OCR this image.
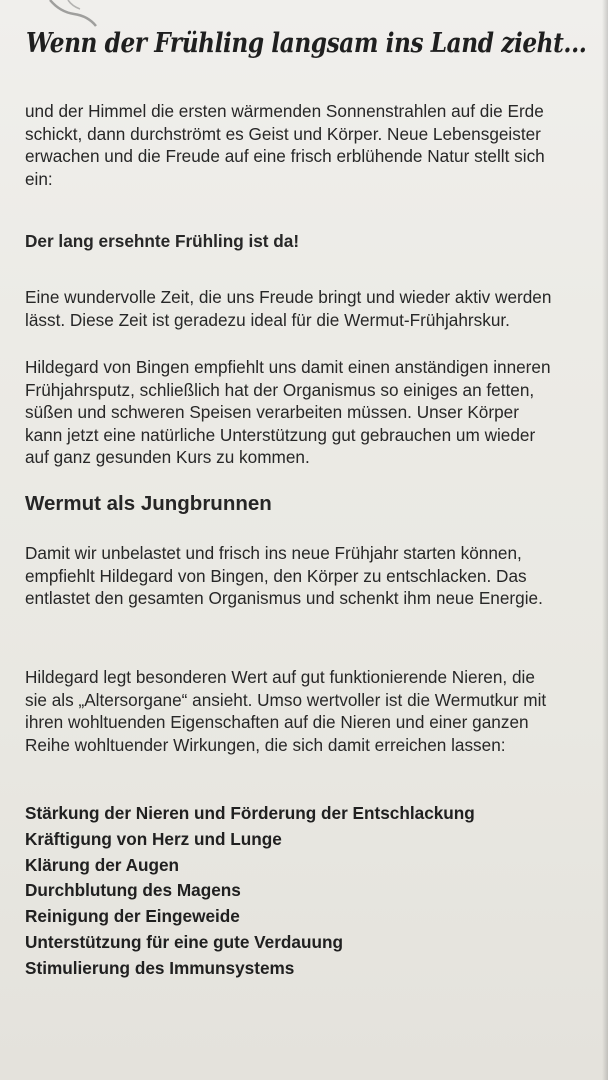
Wenn der Frühling langsam ins Land zieht...

und der Himmel die ersten wärmenden Sonnenstrahlen auf die Erde schickt, dann durchströmt es Geist und Körper. Neue Lebensgeister erwachen und die Freude auf eine frisch erblühende Natur stellt sich ein:

Der lang ersehnte Frühling ist da!

Eine wundervolle Zeit, die uns Freude bringt und wieder aktiv werden lässt. Diese Zeit ist geradezu ideal für die Wermut-Frühjahrskur.

Hildegard von Bingen empfiehlt uns damit einen anständigen inneren Frühjahrsputz, schließlich hat der Organismus so einiges an fetten, süßen und schweren Speisen verarbeiten müssen. Unser Körper kann jetzt eine natürliche Unterstützung gut gebrauchen um wieder auf ganz gesunden Kurs zu kommen.

Wermut als Jungbrunnen

Damit wir unbelastet und frisch ins neue Frühjahr starten können, empfiehlt Hildegard von Bingen, den Körper zu entschlacken. Das entlastet den gesamten Organismus und schenkt ihm neue Energie.

Hildegard legt besonderen Wert auf gut funktionierende Nieren, die sie als „Altersorgane“ ansieht. Umso wertvoller ist die Wermutkur mit ihren wohltuenden Eigenschaften auf die Nieren und einer ganzen Reihe wohltuender Wirkungen, die sich damit erreichen lassen:

Stärkung der Nieren und Förderung der Entschlackung
Kräftigung von Herz und Lunge
Klärung der Augen
Durchblutung des Magens
Reinigung der Eingeweide
Unterstützung für eine gute Verdauung
Stimulierung des Immunsystems
